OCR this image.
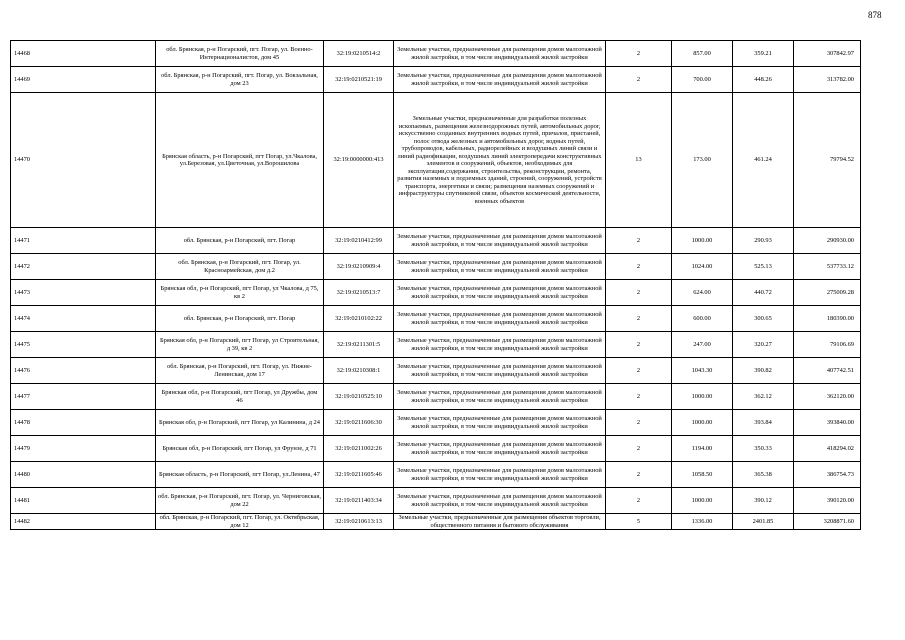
878
14468	обл. Брянская, р-н Погарский, пгт. Погар, ул. Военно-Интернационалистов, дом 45	32:19:0210514:2	Земельные участки, предназначенные для размещения домов малоэтажной жилой застройки, в том числе индивидуальной жилой застройки	2	857.00	359.21	307842.97
14469	обл. Брянская, р-н Погарский, пгт. Погар, ул. Вокзальная, дом 23	32:19:0210521:19	Земельные участки, предназначенные для размещения домов малоэтажной жилой застройки, в том числе индивидуальной жилой застройки	2	700.00	448.26	313782.00
14470	Брянская область, р-н Погарский, пгт Погар, ул.Чкалова, ул.Березовая, ул.Цветочная, ул.Ворошилова	32:19:0000000:413	Земельные участки, предназначенные для разработки полезных ископаемых, размещения железнодорожных путей, автомобильных дорог, искусственно созданных внутренних водных путей, причалов, пристаней, полос отвода железных и автомобильных дорог, водных путей, трубопроводов, кабельных, радиорелейных и воздушных линий связи и линий радиофикации, воздушных линий электропередачи конструктивных элементов и сооружений, объектов, необходимых для эксплуатации,содержания, строительства, реконструкции, ремонта, развития наземных и подземных зданий, строений, сооружений, устройств транспорта, энергетики и связи; размещения наземных сооружений и инфраструктуры спутниковой связи, объектов космической деятельности, военных объектов	13	173.00	461.24	79794.52
14471	обл. Брянская, р-н Погарский, пгт. Погар	32:19:0210412:99	Земельные участки, предназначенные для размещения домов малоэтажной жилой застройки, в том числе индивидуальной жилой застройки	2	1000.00	290.93	290930.00
14472	обл. Брянская, р-н Погарский, пгт. Погар, ул. Красноармейская, дом д.2	32:19:0210909:4	Земельные участки, предназначенные для размещения домов малоэтажной жилой застройки, в том числе индивидуальной жилой застройки	2	1024.00	525.13	537733.12
14473	Брянская обл, р-н Погарский, пгт Погар, ул Чкалова, д 75, кв 2	32:19:0210513:7	Земельные участки, предназначенные для размещения домов малоэтажной жилой застройки, в том числе индивидуальной жилой застройки	2	624.00	440.72	275009.28
14474	обл. Брянская, р-н Погарский, пгт. Погар	32:19:0210102:22	Земельные участки, предназначенные для размещения домов малоэтажной жилой застройки, в том числе индивидуальной жилой застройки	2	600.00	300.65	180390.00
14475	Брянская обл, р-н Погарский, пгт Погар, ул Строительная, д 39, кв 2	32:19:0211301:5	Земельные участки, предназначенные для размещения домов малоэтажной жилой застройки, в том числе индивидуальной жилой застройки	2	247.00	320.27	79106.69
14476	обл. Брянская, р-н Погарский, пгт. Погар, ул. Нижне-Ленинская, дом 17	32:19:0210308:1	Земельные участки, предназначенные для размещения домов малоэтажной жилой застройки, в том числе индивидуальной жилой застройки	2	1043.30	390.82	407742.51
14477	Брянская обл, р-н Погарский, пгт Погар, ул Дружбы, дом 46	32:19:0210525:10	Земельные участки, предназначенные для размещения домов малоэтажной жилой застройки, в том числе индивидуальной жилой застройки	2	1000.00	362.12	362120.00
14478	Брянская обл, р-н Погарский, пгт Погар, ул Калинина, д 24	32:19:0211606:30	Земельные участки, предназначенные для размещения домов малоэтажной жилой застройки, в том числе индивидуальной жилой застройки	2	1000.00	393.84	393840.00
14479	Брянская обл, р-н Погарский, пгт Погар, ул Фрунзе, д 71	32:19:0211002:26	Земельные участки, предназначенные для размещения домов малоэтажной жилой застройки, в том числе индивидуальной жилой застройки	2	1194.00	350.33	418294.02
14480	Брянская область, р-н Погарский, пгт Погар, ул.Ленина, 47	32:19:0211605:46	Земельные участки, предназначенные для размещения домов малоэтажной жилой застройки, в том числе индивидуальной жилой застройки	2	1058.50	365.38	386754.73
14481	обл. Брянская, р-н Погарский, пгт. Погар, ул. Черниговская, дом 22	32:19:0211403:34	Земельные участки, предназначенные для размещения домов малоэтажной жилой застройки, в том числе индивидуальной жилой застройки	2	1000.00	390.12	390120.00
14482	обл. Брянская, р-н Погарский, пгт. Погар, ул. Октябрьская, дом 12	32:19:0210613:13	Земельные участки, предназначенные для размещения объектов торговли, общественного питания и бытового обслуживания	5	1336.00	2401.85	3208871.60
